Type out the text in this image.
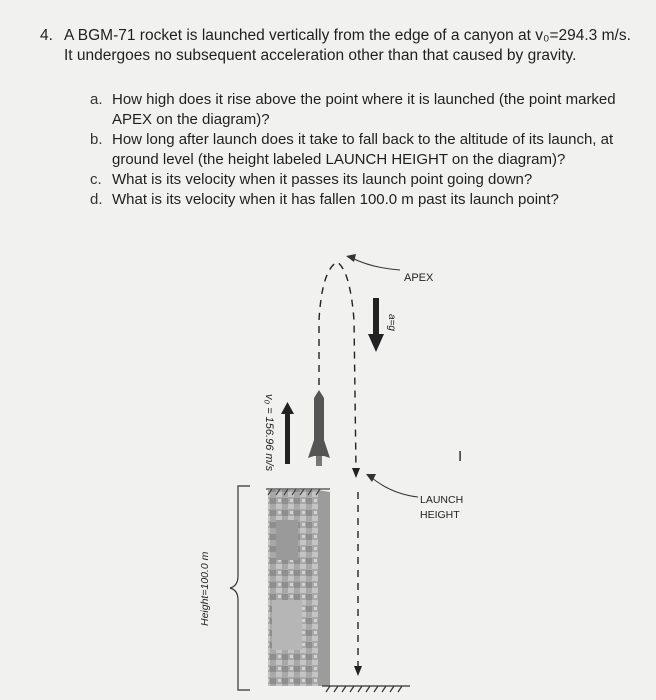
4. A BGM-71 rocket is launched vertically from the edge of a canyon at v₀=294.3 m/s. It undergoes no subsequent acceleration other than that caused by gravity.
a. How high does it rise above the point where it is launched (the point marked APEX on the diagram)?
b. How long after launch does it take to fall back to the altitude of its launch, at ground level (the height labeled LAUNCH HEIGHT on the diagram)?
c. What is its velocity when it passes its launch point going down?
d. What is its velocity when it has fallen 100.0 m past its launch point?
v₀ = 156.96 m/s
a=g
APEX
LAUNCH
HEIGHT
Height=100.0 m
I
